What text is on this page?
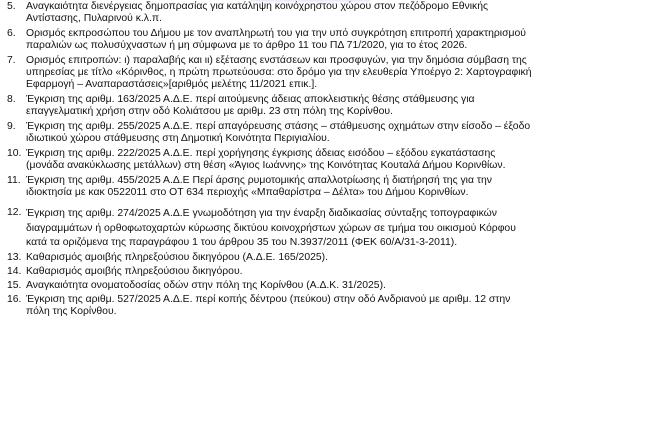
5. Αναγκαιότητα διενέργειας δημοπρασίας για κατάληψη κοινόχρηστου χώρου στον πεζόδρομο Εθνικής
Αντίστασης, Πυλαρινού κ.λ.π.
6. Ορισμός εκπροσώπου του Δήμου με τον αναπληρωτή του για την υπό συγκρότηση επιτροπή χαρακτηρισμού
παραλιών ως πολυσύχναστων ή μη σύμφωνα με το άρθρο 11 του ΠΔ 71/2020, για το έτος 2026.
7. Ορισμός επιτροπών: ι) παραλαβής και ιι) εξέτασης ενστάσεων και προσφυγών, για την δημόσια σύμβαση της
υπηρεσίας με τίτλο «Κόρινθος, η πρώτη πρωτεύουσα: στο δρόμο για την ελευθερία Υποέργο 2: Χαρτογραφική
Εφαρμογή – Αναπαραστάσεις»[αριθμός μελέτης 11/2021 επικ.].
8. Έγκριση της αριθμ. 163/2025 Α.Δ.Ε. περί αιτούμενης άδειας αποκλειστικής θέσης στάθμευσης για
επαγγελματική χρήση στην οδό Κολιάτσου με αριθμ. 23 στη πόλη της Κορίνθου.
9. Έγκριση της αριθμ. 255/2025 Α.Δ.Ε. περί απαγόρευσης στάσης – στάθμευσης οχημάτων στην είσοδο – έξοδο
ιδιωτικού χώρου στάθμευσης στη Δημοτική Κοινότητα Περιγιαλίου.
10. Έγκριση της αριθμ. 222/2025 Α.Δ.Ε. περί χορήγησης έγκρισης άδειας εισόδου – εξόδου εγκατάστασης
(μονάδα ανακύκλωσης μετάλλων) στη θέση «Άγιος Ιωάννης» της Κοινότητας Κουταλά Δήμου Κορινθίων.
11. Έγκριση της αριθμ. 455/2025 Α.Δ.Ε Περί άρσης ρυμοτομικής απαλλοτρίωσης ή διατήρησή της για την
ιδιοκτησία με κακ 0522011 στο ΟΤ 634 περιοχής «Μπαθαρίστρα – Δέλτα» του Δήμου Κορινθίων.
12. Έγκριση της αριθμ. 274/2025 Α.Δ.Ε γνωμοδότηση για την έναρξη διαδικασίας σύνταξης τοπογραφικών
διαγραμμάτων ή ορθοφωτοχαρτών κύρωσης δικτύου κοινοχρήστων χώρων σε τμήμα του οικισμού Κόρφου
κατά τα οριζόμενα της παραγράφου 1 του άρθρου 35 του Ν.3937/2011 (ΦΕΚ 60/Α/31-3-2011).
13. Καθαρισμός αμοιβής πληρεξούσιου δικηγόρου (Α.Δ.Ε. 165/2025).
14. Καθαρισμός αμοιβής πληρεξούσιου δικηγόρου.
15. Αναγκαιότητα ονοματοδοσίας οδών στην πόλη της Κορίνθου (Α.Δ.Κ. 31/2025).
16. Έγκριση της αριθμ. 527/2025 Α.Δ.Ε. περί κοπής δέντρου (πεύκου) στην οδό Ανδριανού με αριθμ. 12 στην
πόλη της Κορίνθου.
